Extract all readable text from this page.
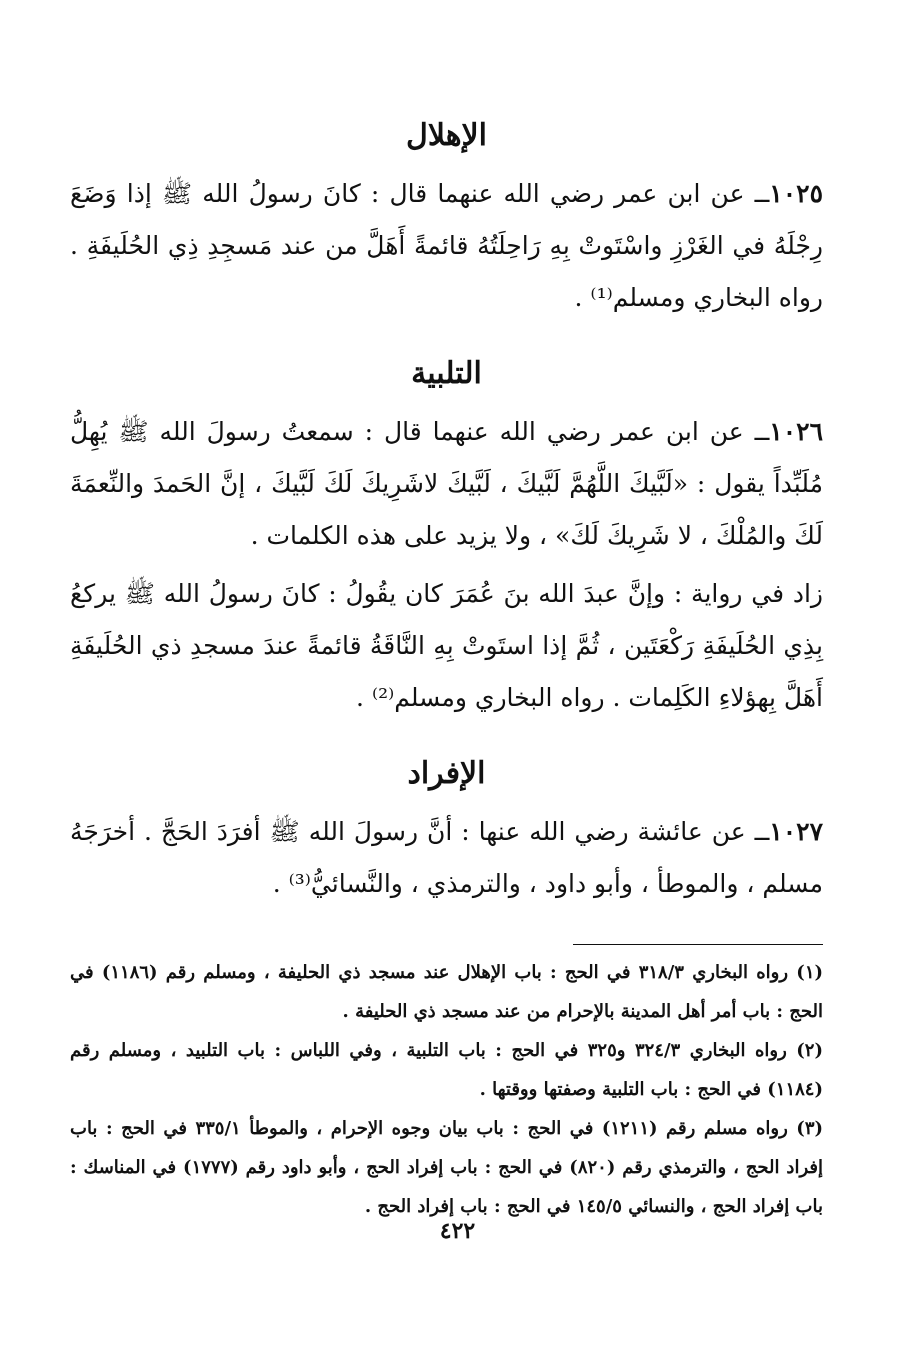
الإهلال

١٠٢٥ــ عن ابن عمر رضي الله عنهما قال : كانَ رسولُ الله ﷺ إذا وَضَعَ رِجْلَهُ في الغَرْزِ واسْتَوتْ بِهِ رَاحِلَتُهُ قائمةً أَهَلَّ من عند مَسجِدِ ذِي الحُلَيفَةِ . رواه البخاري ومسلم⁽¹⁾ .

التلبية

١٠٢٦ــ عن ابن عمر رضي الله عنهما قال : سمعتُ رسولَ الله ﷺ يُهِلُّ مُلَبِّداً يقول : «لَبَّيكَ اللَّهُمَّ لَبَّيكَ ، لَبَّيكَ لاشَرِيكَ لَكَ لَبَّيكَ ، إنَّ الحَمدَ والنِّعمَةَ لَكَ والمُلْكَ ، لا شَرِيكَ لَكَ» ، ولا يزيد على هذه الكلمات .

زاد في رواية : وإنَّ عبدَ الله بنَ عُمَرَ كان يقُولُ : كانَ رسولُ الله ﷺ يركعُ بِذِي الحُلَيفَةِ رَكْعَتَين ، ثُمَّ إذا استَوتْ بِهِ النَّاقَةُ قائمةً عندَ مسجدِ ذي الحُلَيفَةِ أَهَلَّ بِهؤلاءِ الكَلِمات . رواه البخاري ومسلم⁽²⁾ .

الإفراد

١٠٢٧ــ عن عائشة رضي الله عنها : أنَّ رسولَ الله ﷺ أفرَدَ الحَجَّ . أخرَجَهُ مسلم ، والموطأ ، وأبو داود ، والترمذي ، والنَّسائيُّ⁽³⁾ .

(١) رواه البخاري ٣١٨/٣ في الحج : باب الإهلال عند مسجد ذي الحليفة ، ومسلم رقم (١١٨٦) في الحج : باب أمر أهل المدينة بالإحرام من عند مسجد ذي الحليفة .

(٢) رواه البخاري ٣٢٤/٣ و٣٢٥ في الحج : باب التلبية ، وفي اللباس : باب التلبيد ، ومسلم رقم (١١٨٤) في الحج : باب التلبية وصفتها ووقتها .

(٣) رواه مسلم رقم (١٢١١) في الحج : باب بيان وجوه الإحرام ، والموطأ ٣٣٥/١ في الحج : باب إفراد الحج ، والترمذي رقم (٨٢٠) في الحج : باب إفراد الحج ، وأبو داود رقم (١٧٧٧) في المناسك : باب إفراد الحج ، والنسائي ١٤٥/٥ في الحج : باب إفراد الحج .

٤٢٢
